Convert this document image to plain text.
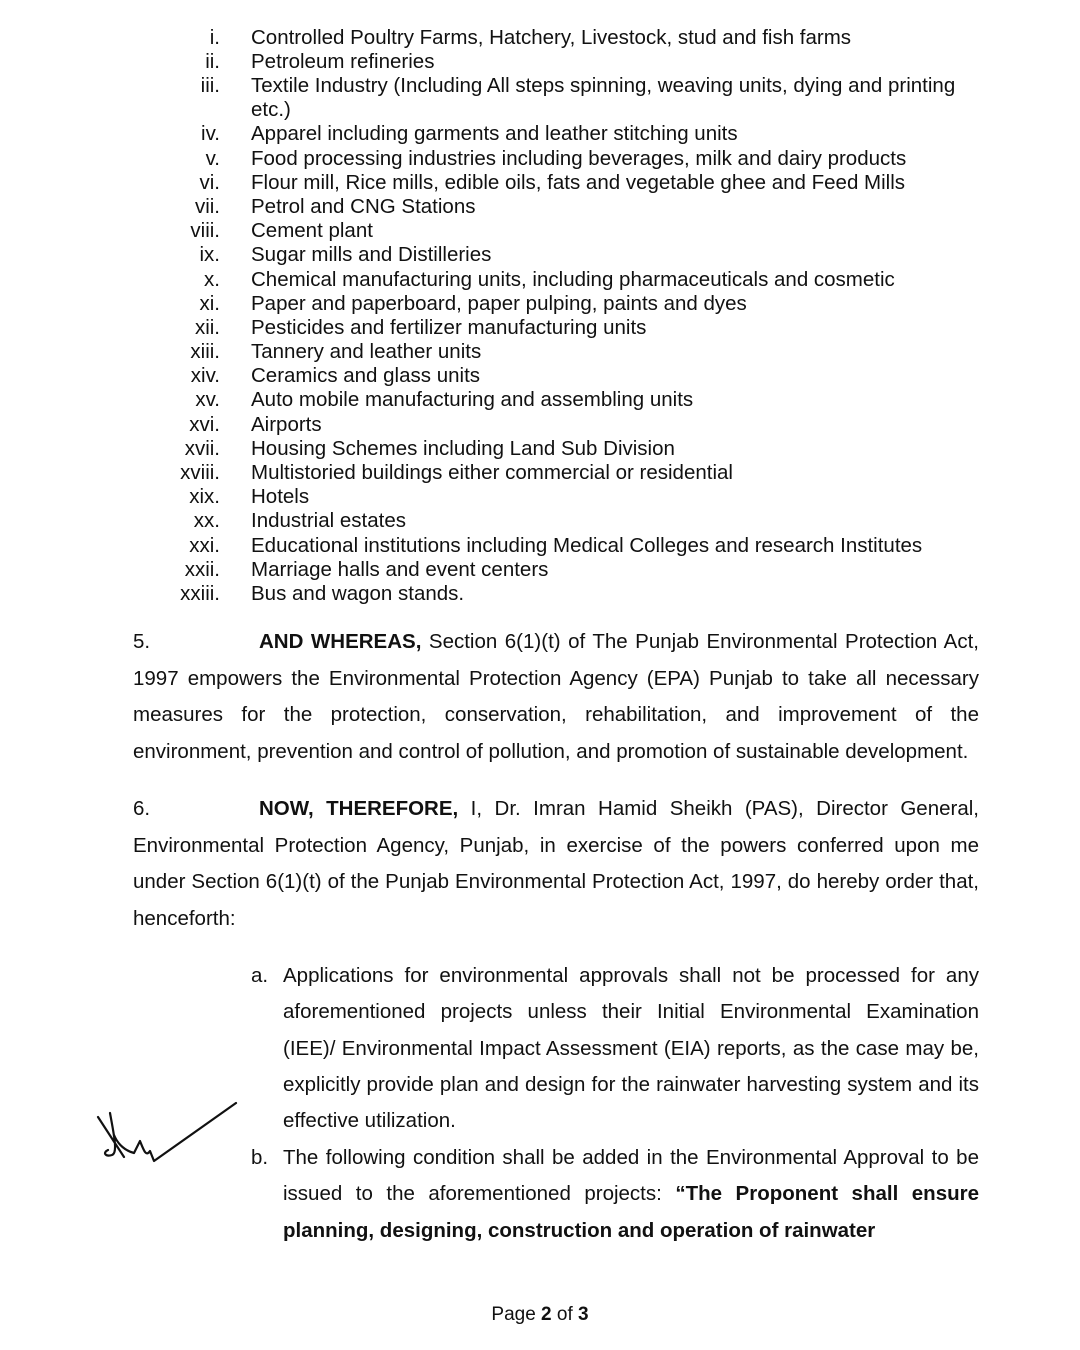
i. Controlled Poultry Farms, Hatchery, Livestock, stud and fish farms
ii. Petroleum refineries
iii. Textile Industry (Including All steps spinning, weaving units, dying and printing etc.)
iv. Apparel including garments and leather stitching units
v. Food processing industries including beverages, milk and dairy products
vi. Flour mill, Rice mills, edible oils, fats and vegetable ghee and Feed Mills
vii. Petrol and CNG Stations
viii. Cement plant
ix. Sugar mills and Distilleries
x. Chemical manufacturing units, including pharmaceuticals and cosmetic
xi. Paper and paperboard, paper pulping, paints and dyes
xii. Pesticides and fertilizer manufacturing units
xiii. Tannery and leather units
xiv. Ceramics and glass units
xv. Auto mobile manufacturing and assembling units
xvi. Airports
xvii. Housing Schemes including Land Sub Division
xviii. Multistoried buildings either commercial or residential
xix. Hotels
xx. Industrial estates
xxi. Educational institutions including Medical Colleges and research Institutes
xxii. Marriage halls and event centers
xxiii. Bus and wagon stands.
5.	AND WHEREAS, Section 6(1)(t) of The Punjab Environmental Protection Act, 1997 empowers the Environmental Protection Agency (EPA) Punjab to take all necessary measures for the protection, conservation, rehabilitation, and improvement of the environment, prevention and control of pollution, and promotion of sustainable development.
6.	NOW, THEREFORE, I, Dr. Imran Hamid Sheikh (PAS), Director General, Environmental Protection Agency, Punjab, in exercise of the powers conferred upon me under Section 6(1)(t) of the Punjab Environmental Protection Act, 1997, do hereby order that, henceforth:
a. Applications for environmental approvals shall not be processed for any aforementioned projects unless their Initial Environmental Examination (IEE)/ Environmental Impact Assessment (EIA) reports, as the case may be, explicitly provide plan and design for the rainwater harvesting system and its effective utilization.
b. The following condition shall be added in the Environmental Approval to be issued to the aforementioned projects: “The Proponent shall ensure planning, designing, construction and operation of rainwater
Page 2 of 3
